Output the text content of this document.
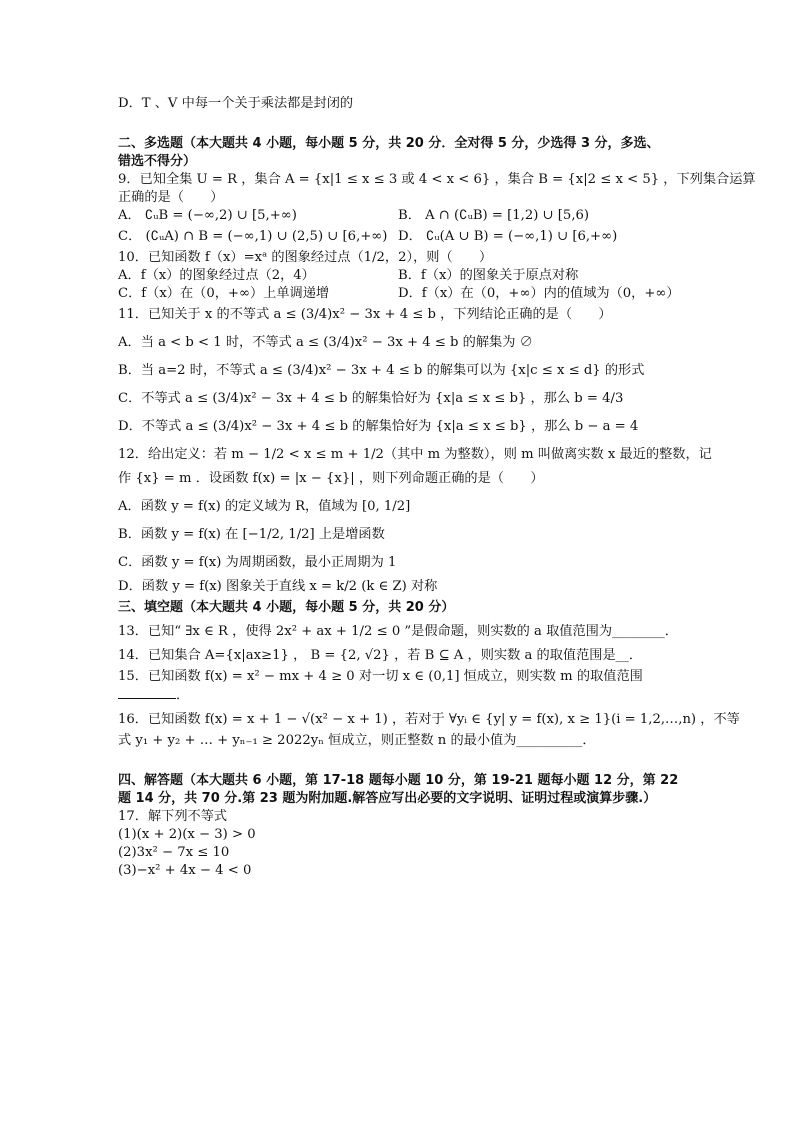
D．T 、V 中每一个关于乘法都是封闭的
二、多选题（本大题共 4 小题，每小题 5 分，共 20 分．全对得 5 分，少选得 3 分，多选、
错选不得分）
9．已知全集 U = R ，集合 A = {x|1 ≤ x ≤ 3 或 4 < x < 6} ，集合 B = {x|2 ≤ x < 5} ，下列集合运算
正确的是（　　）
A． ∁ᵤB = (−∞,2) ∪ [5,+∞)	B． A ∩ (∁ᵤB) = [1,2) ∪ [5,6)
C． (∁ᵤA) ∩ B = (−∞,1) ∪ (2,5) ∪ [6,+∞) D． ∁ᵤ(A ∪ B) = (−∞,1) ∪ [6,+∞)
10．已知函数 f（x）=xᵃ 的图象经过点（1/2，2），则（　　）
A．f（x）的图象经过点（2，4）	B．f（x）的图象关于原点对称
C．f（x）在（0，+∞）上单调递增	D．f（x）在（0，+∞）内的值域为（0，+∞）
11．已知关于 x 的不等式 a ≤ (3/4)x² − 3x + 4 ≤ b ，下列结论正确的是（　　）
A．当 a < b < 1 时，不等式 a ≤ (3/4)x² − 3x + 4 ≤ b 的解集为 ∅
B．当 a=2 时，不等式 a ≤ (3/4)x² − 3x + 4 ≤ b 的解集可以为 {x|c ≤ x ≤ d} 的形式
C．不等式 a ≤ (3/4)x² − 3x + 4 ≤ b 的解集恰好为 {x|a ≤ x ≤ b} ，那么 b = 4/3
D．不等式 a ≤ (3/4)x² − 3x + 4 ≤ b 的解集恰好为 {x|a ≤ x ≤ b} ，那么 b − a = 4
12．给出定义：若 m − 1/2 < x ≤ m + 1/2（其中 m 为整数），则 m 叫做离实数 x 最近的整数，记
作 {x} = m ．设函数 f(x) = |x − {x}| ，则下列命题正确的是（　　）
A．函数 y = f(x) 的定义域为 R，值域为 [0, 1/2]
B．函数 y = f(x) 在 [−1/2, 1/2] 上是增函数
C．函数 y = f(x) 为周期函数，最小正周期为 1
D．函数 y = f(x) 图象关于直线 x = k/2 (k ∈ Z) 对称
三、填空题（本大题共 4 小题，每小题 5 分，共 20 分）
13．已知“ ∃x ∈ R ，使得 2x² + ax + 1/2 ≤ 0 ”是假命题，则实数的 a 取值范围为________．
14．已知集合 A={x|ax≥1} ， B = {2, √2} ，若 B ⊆ A ，则实数 a 的取值范围是__．
15．已知函数 f(x) = x² − mx + 4 ≥ 0 对一切 x ∈ (0,1] 恒成立，则实数 m 的取值范围
．
16．已知函数 f(x) = x + 1 − √(x² − x + 1) ，若对于 ∀yᵢ ∈ {y| y = f(x), x ≥ 1}(i = 1,2,…,n) ，不等
式 y₁ + y₂ + … + yₙ₋₁ ≥ 2022yₙ 恒成立，则正整数 n 的最小值为__________．
四、解答题（本大题共 6 小题，第 17-18 题每小题 10 分，第 19-21 题每小题 12 分，第 22
题 14 分，共 70 分.第 23 题为附加题.解答应写出必要的文字说明、证明过程或演算步骤.）
17．解下列不等式
(1)(x + 2)(x − 3) > 0
(2)3x² − 7x ≤ 10
(3)−x² + 4x − 4 < 0
